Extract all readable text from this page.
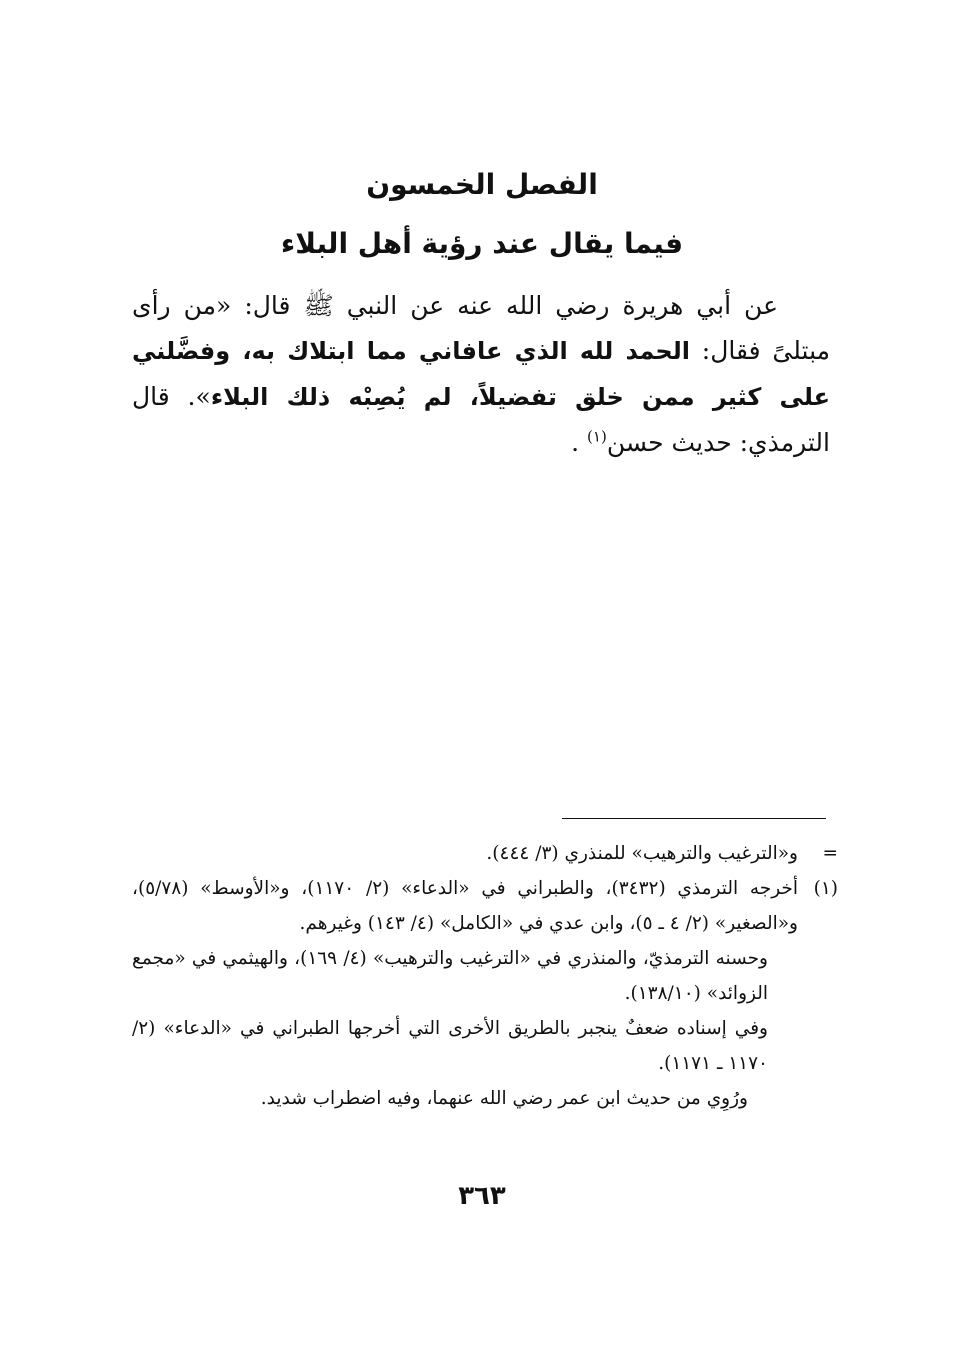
الفصل الخمسون
فيما يقال عند رؤية أهل البلاء

عن أبي هريرة رضي الله عنه عن النبي ﷺ قال: «من رأى مبتلىً فقال: الحمد لله الذي عافاني مما ابتلاك به، وفضَّلني على كثير ممن خلق تفضيلاً، لم يُصِبْه ذلك البلاء». قال الترمذي: حديث حسن$^{(١)}$ .

=
و«الترغيب والترهيب» للمنذري (٣/ ٤٤٤).

(١)
أخرجه الترمذي (٣٤٣٢)، والطبراني في «الدعاء» (٢/ ١١٧٠)، و«الأوسط» (٥/٧٨)، و«الصغير» (٢/ ٤ ـ ٥)، وابن عدي في «الكامل» (٤/ ١٤٣) وغيرهم.

وحسنه الترمذيّ، والمنذري في «الترغيب والترهيب» (٤/ ١٦٩)، والهيثمي في «مجمع الزوائد» (١٣٨/١٠).

وفي إسناده ضعفٌ ينجبر بالطريق الأخرى التي أخرجها الطبراني في «الدعاء» (٢/ ١١٧٠ ـ ١١٧١).

ورُوِي من حديث ابن عمر رضي الله عنهما، وفيه اضطراب شديد.

٣٦٣
